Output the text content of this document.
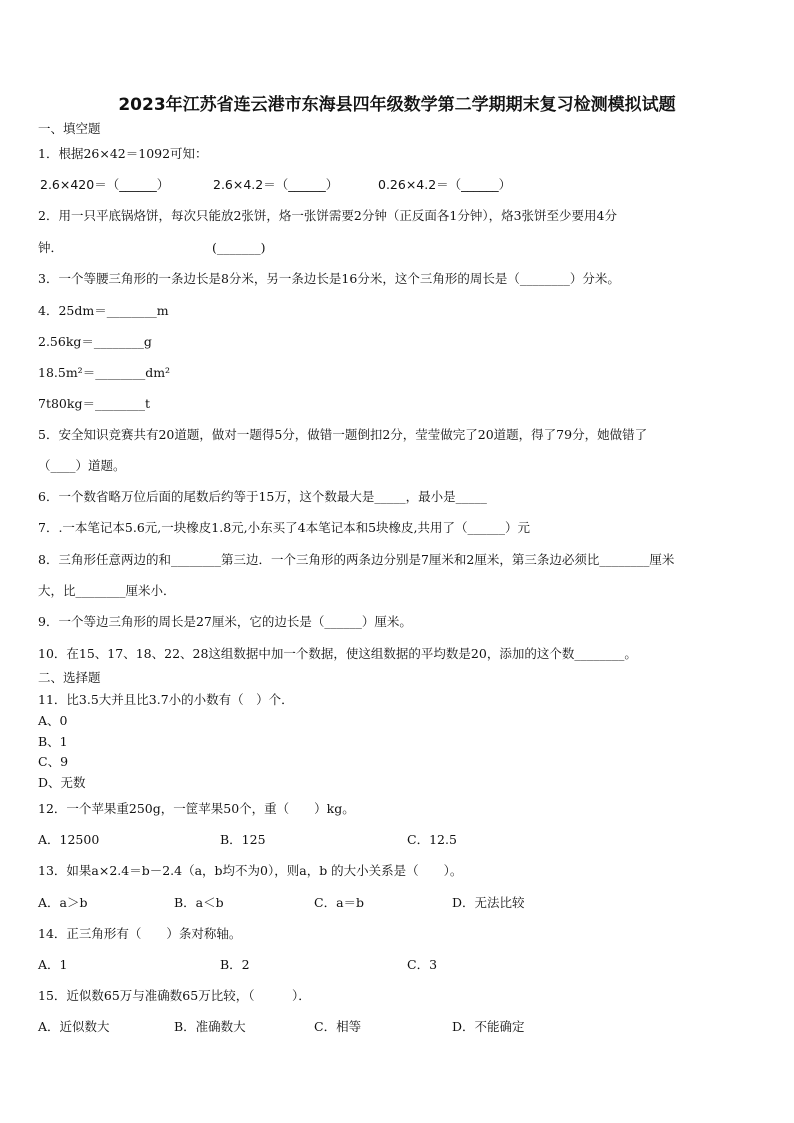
2023年江苏省连云港市东海县四年级数学第二学期期末复习检测模拟试题
一、填空题
1．根据26×42＝1092可知：
2.6×420＝（______）	2.6×4.2＝（______）	0.26×4.2＝（______）
2．用一只平底锅烙饼，每次只能放2张饼，烙一张饼需要2分钟（正反面各1分钟），烙3张饼至少要用4分
钟．	(_______)
3．一个等腰三角形的一条边长是8分米，另一条边长是16分米，这个三角形的周长是（________）分米。
4．25dm＝________m
2.56kg＝________g
18.5m²＝________dm²
7t80kg＝________t
5．安全知识竞赛共有20道题，做对一题得5分，做错一题倒扣2分，莹莹做完了20道题，得了79分，她做错了
（____）道题。
6．一个数省略万位后面的尾数后约等于15万，这个数最大是_____，最小是_____
7．.一本笔记本5.6元,一块橡皮1.8元,小东买了4本笔记本和5块橡皮,共用了（______）元
8．三角形任意两边的和________第三边．一个三角形的两条边分别是7厘米和2厘米，第三条边必须比________厘米
大，比________厘米小．
9．一个等边三角形的周长是27厘米，它的边长是（______）厘米。
10．在15、17、18、22、28这组数据中加一个数据，使这组数据的平均数是20，添加的这个数________。
二、选择题
11．比3.5大并且比3.7小的小数有（　）个．
A、0
B、1
C、9
D、无数
12．一个苹果重250g，一筐苹果50个，重（　　）kg。
A．12500	B．125	C．12.5
13．如果a×2.4＝b－2.4（a，b均不为0），则a，b 的大小关系是（　　）。
A．a＞b	B．a＜b	C．a＝b	D．无法比较
14．正三角形有（　　）条对称轴。
A．1	B．2	C．3
15．近似数65万与准确数65万比较，（　　　）．
A．近似数大	B．准确数大	C．相等	D．不能确定
